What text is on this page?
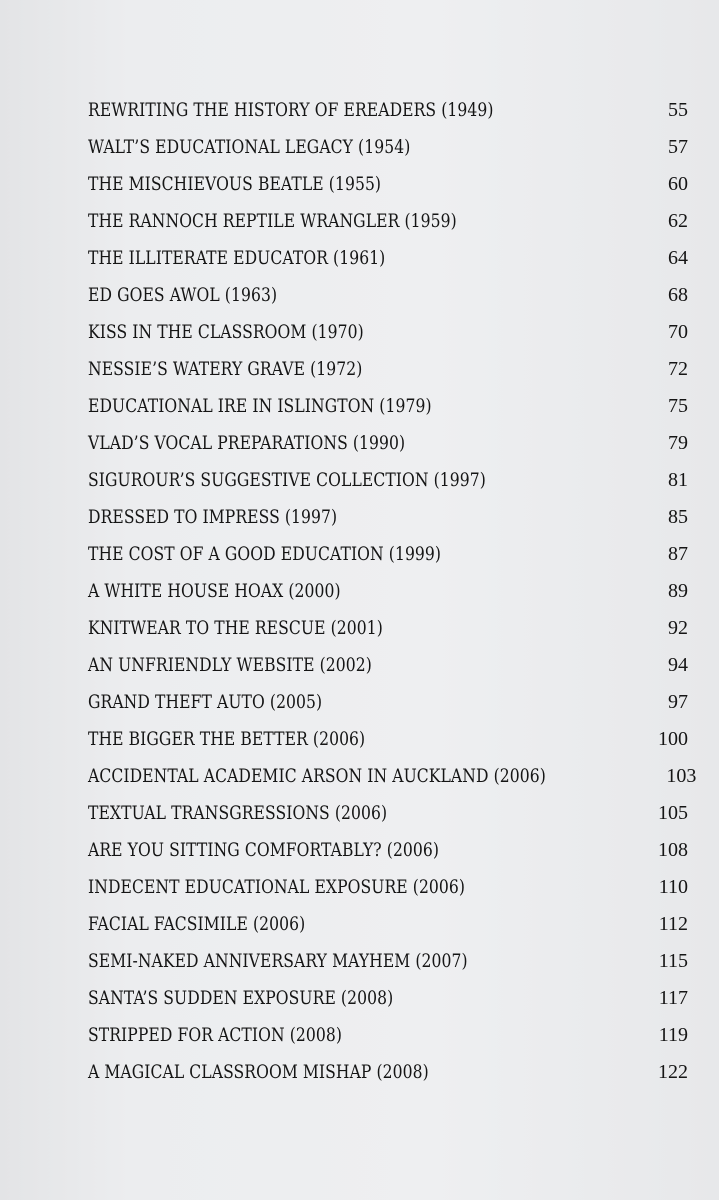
REWRITING THE HISTORY OF EREADERS (1949)	55
WALT’S EDUCATIONAL LEGACY (1954)	57
THE MISCHIEVOUS BEATLE (1955)	60
THE RANNOCH REPTILE WRANGLER (1959)	62
THE ILLITERATE EDUCATOR (1961)	64
ED GOES AWOL (1963)	68
KISS IN THE CLASSROOM (1970)	70
NESSIE’S WATERY GRAVE (1972)	72
EDUCATIONAL IRE IN ISLINGTON (1979)	75
VLAD’S VOCAL PREPARATIONS (1990)	79
SIGUROUR’S SUGGESTIVE COLLECTION (1997)	81
DRESSED TO IMPRESS (1997)	85
THE COST OF A GOOD EDUCATION (1999)	87
A WHITE HOUSE HOAX (2000)	89
KNITWEAR TO THE RESCUE (2001)	92
AN UNFRIENDLY WEBSITE (2002)	94
GRAND THEFT AUTO (2005)	97
THE BIGGER THE BETTER (2006)	100
ACCIDENTAL ACADEMIC ARSON IN AUCKLAND (2006)	103
TEXTUAL TRANSGRESSIONS (2006)	105
ARE YOU SITTING COMFORTABLY? (2006)	108
INDECENT EDUCATIONAL EXPOSURE (2006)	110
FACIAL FACSIMILE (2006)	112
SEMI-NAKED ANNIVERSARY MAYHEM (2007)	115
SANTA’S SUDDEN EXPOSURE (2008)	117
STRIPPED FOR ACTION (2008)	119
A MAGICAL CLASSROOM MISHAP (2008)	122
